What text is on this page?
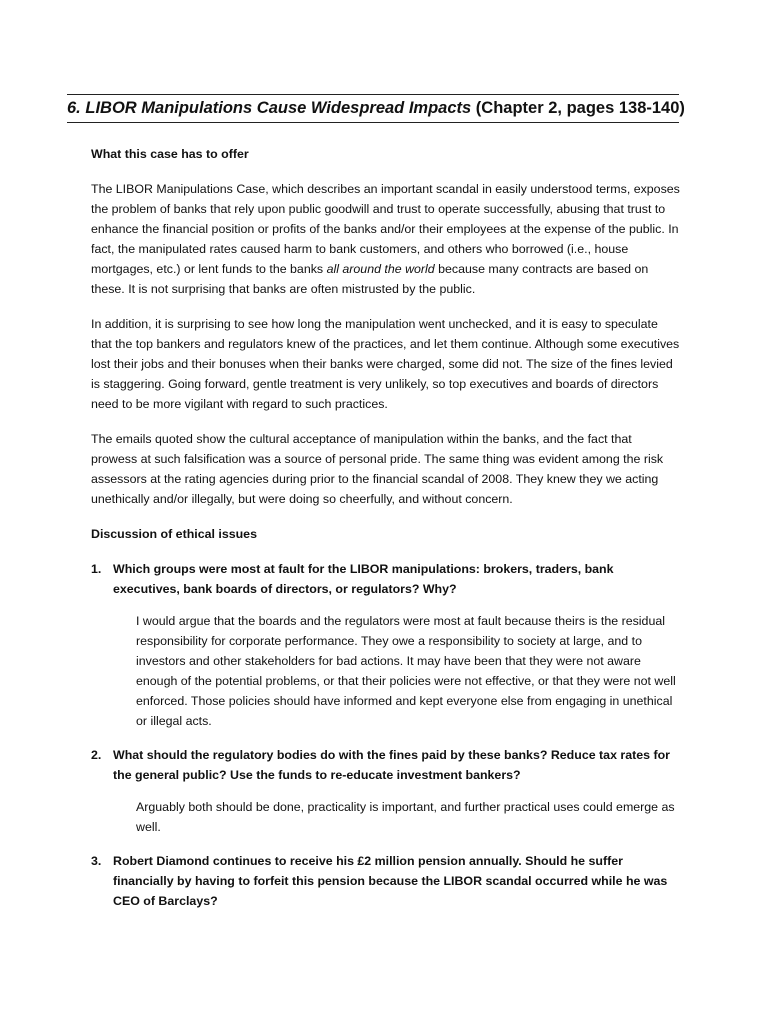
6. LIBOR Manipulations Cause Widespread Impacts (Chapter 2, pages 138-140)

What this case has to offer

The LIBOR Manipulations Case, which describes an important scandal in easily understood terms, exposes the problem of banks that rely upon public goodwill and trust to operate successfully, abusing that trust to enhance the financial position or profits of the banks and/or their employees at the expense of the public. In fact, the manipulated rates caused harm to bank customers, and others who borrowed (i.e., house mortgages, etc.) or lent funds to the banks all around the world because many contracts are based on these. It is not surprising that banks are often mistrusted by the public.

In addition, it is surprising to see how long the manipulation went unchecked, and it is easy to speculate that the top bankers and regulators knew of the practices, and let them continue. Although some executives lost their jobs and their bonuses when their banks were charged, some did not. The size of the fines levied is staggering. Going forward, gentle treatment is very unlikely, so top executives and boards of directors need to be more vigilant with regard to such practices.

The emails quoted show the cultural acceptance of manipulation within the banks, and the fact that prowess at such falsification was a source of personal pride. The same thing was evident among the risk assessors at the rating agencies during prior to the financial scandal of 2008. They knew they we acting unethically and/or illegally, but were doing so cheerfully, and without concern.

Discussion of ethical issues

1. Which groups were most at fault for the LIBOR manipulations: brokers, traders, bank executives, bank boards of directors, or regulators? Why?

I would argue that the boards and the regulators were most at fault because theirs is the residual responsibility for corporate performance. They owe a responsibility to society at large, and to investors and other stakeholders for bad actions. It may have been that they were not aware enough of the potential problems, or that their policies were not effective, or that they were not well enforced. Those policies should have informed and kept everyone else from engaging in unethical or illegal acts.

2. What should the regulatory bodies do with the fines paid by these banks? Reduce tax rates for the general public? Use the funds to re-educate investment bankers?

Arguably both should be done, practicality is important, and further practical uses could emerge as well.

3. Robert Diamond continues to receive his £2 million pension annually. Should he suffer financially by having to forfeit this pension because the LIBOR scandal occurred while he was CEO of Barclays?
